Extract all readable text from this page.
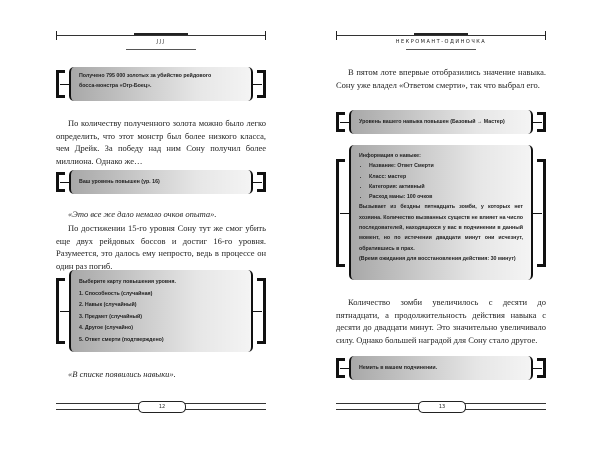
ЈЈЈ
Получено 795 000 золотых за убийство рейдового
босса-монстра «Огр-Боец».

По количеству полученного золота можно было легко определить, что этот монстр был более низкого класса, чем Дрейк. За победу над ним Сону получил более миллиона. Однако же…

Ваш уровень повышен (ур. 16)

«Это все же дало немало очков опыта».

По достижении 15-го уровня Сону тут же смог убить еще двух рейдовых боссов и достиг 16-го уровня. Разумеется, это далось ему непросто, ведь в процессе он один раз погиб.

Выберите карту повышения уровня.
1. Способность (случайная)
2. Навык (случайный)
3. Предмет (случайный)
4. Другое (случайно)
5. Ответ смерти (подтверждено)

«В списке появились навыки».

12
НЕКРОМАНТ-ОДИНОЧКА

В пятом лоте впервые отобразились значение навыка. Сону уже владел «Ответом смерти», так что выбрал его.

Уровень вашего навыка повышен (Базовый → Мастер)
Информация о навыке:
• Название: Ответ Смерти
• Класс: мастер
• Категория: активный
• Расход маны: 100 очков
Вызывает из бездны пятнадцать зомби, у которых нет хозяина. Количество вызванных существ не влияет на число последователей, находящихся у вас в подчинении в данный момент, но по истечении двадцати минут они исчезнут, обратившись в прах.
(Время ожидания для восстановления действия: 30 минут)

Количество зомби увеличилось с десяти до пятнадцати, а продолжительность действия навыка с десяти до двадцати минут. Это значительно увеличивало силу. Однако большей наградой для Сону стало другое.

Немить в вашем подчинении.
13
